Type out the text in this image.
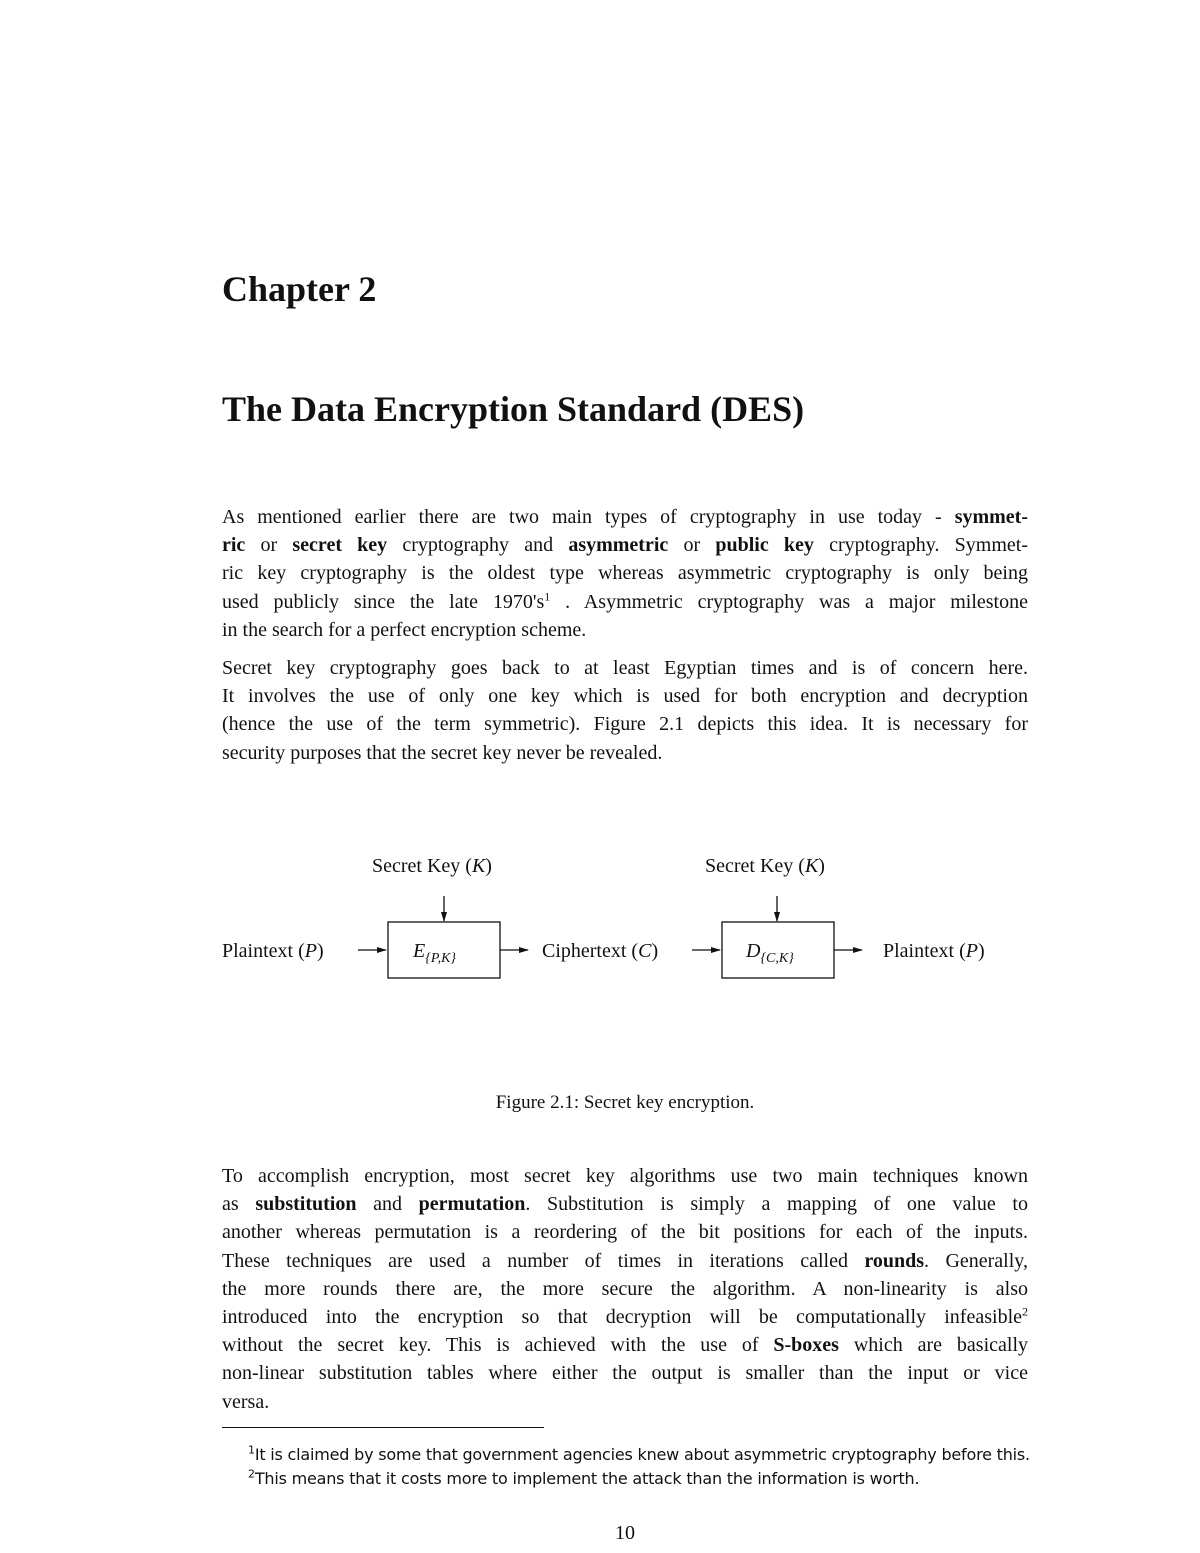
Chapter 2
The Data Encryption Standard (DES)

As mentioned earlier there are two main types of cryptography in use today - symmet-
ric or secret key cryptography and asymmetric or public key cryptography. Symmet-
ric key cryptography is the oldest type whereas asymmetric cryptography is only being
used publicly since the late $1970's^1$ . Asymmetric cryptography was a major milestone
in the search for a perfect encryption scheme.

Secret key cryptography goes back to at least Egyptian times and is of concern here.
It involves the use of only one key which is used for both encryption and decryption
(hence the use of the term symmetric). Figure 2.1 depicts this idea. It is necessary for
security purposes that the secret key never be revealed.

Secret Key (K)	Secret Key (K)
Plaintext (P)	$E_{\{P,K\}}$	Ciphertext (C)	$D_{\{C,K\}}$	Plaintext (P)

Figure 2.1: Secret key encryption.

To accomplish encryption, most secret key algorithms use two main techniques known
as substitution and permutation. Substitution is simply a mapping of one value to
another whereas permutation is a reordering of the bit positions for each of the inputs.
These techniques are used a number of times in iterations called rounds. Generally,
the more rounds there are, the more secure the algorithm. A non-linearity is also
introduced into the encryption so that decryption will be computationally infeasible$^2$
without the secret key. This is achieved with the use of S-boxes which are basically
non-linear substitution tables where either the output is smaller than the input or vice
versa.

$^1$It is claimed by some that government agencies knew about asymmetric cryptography before this.

$^2$This means that it costs more to implement the attack than the information is worth.

10
